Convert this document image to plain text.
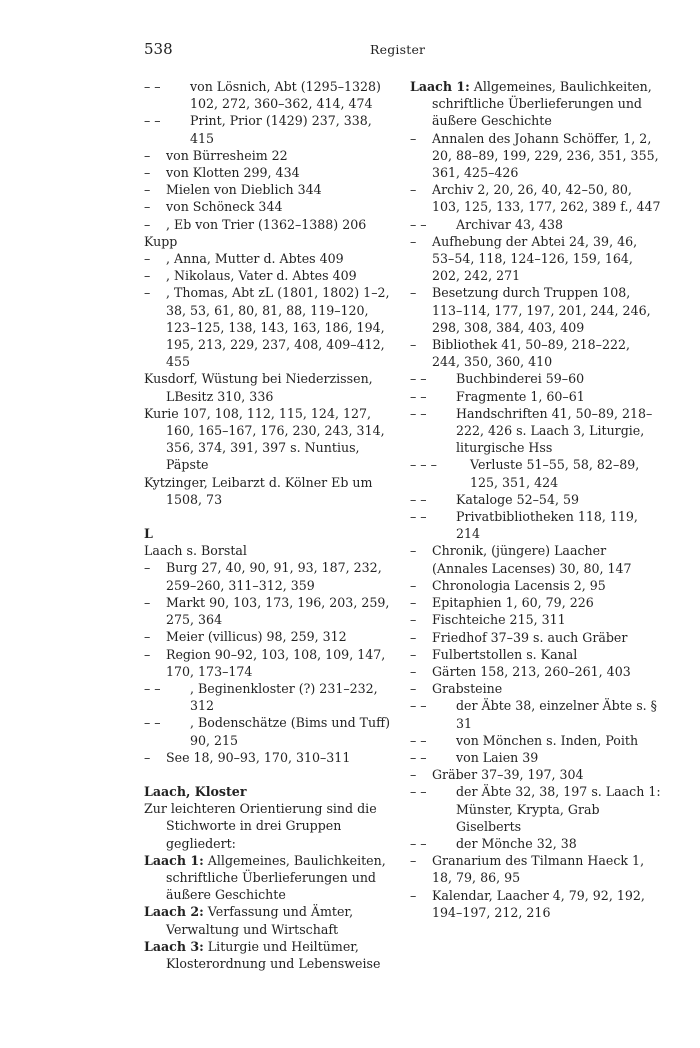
538	Register

– – von Lösnich, Abt (1295–1328) 102, 272, 360–362, 414, 474

– – Print, Prior (1429) 237, 338, 415

– von Bürresheim 22

– von Klotten 299, 434

– Mielen von Dieblich 344

– von Schöneck 344

– , Eb von Trier (1362–1388) 206

Kupp

– , Anna, Mutter d. Abtes 409

– , Nikolaus, Vater d. Abtes 409

– , Thomas, Abt zL (1801, 1802) 1–2, 38, 53, 61, 80, 81, 88, 119–120, 123–125, 138, 143, 163, 186, 194, 195, 213, 229, 237, 408, 409–412, 455

Kusdorf, Wüstung bei Niederzissen, LBesitz 310, 336

Kurie 107, 108, 112, 115, 124, 127, 160, 165–167, 176, 230, 243, 314, 356, 374, 391, 397 s. Nuntius, Päpste

Kytzinger, Leibarzt d. Kölner Eb um 1508, 73

L

Laach s. Borstal

– Burg 27, 40, 90, 91, 93, 187, 232, 259–260, 311–312, 359

– Markt 90, 103, 173, 196, 203, 259, 275, 364

– Meier (villicus) 98, 259, 312

– Region 90–92, 103, 108, 109, 147, 170, 173–174

– – , Beginenkloster (?) 231–232, 312

– – , Bodenschätze (Bims und Tuff) 90, 215

– See 18, 90–93, 170, 310–311

Laach, Kloster

Zur leichteren Orientierung sind die Stichworte in drei Gruppen gegliedert:

Laach 1: Allgemeines, Baulichkeiten, schriftliche Überlieferungen und äußere Geschichte

Laach 2: Verfassung und Ämter, Verwaltung und Wirtschaft

Laach 3: Liturgie und Heiltümer, Klosterordnung und Lebensweise

Laach 1: Allgemeines, Baulichkeiten, schriftliche Überlieferungen und äußere Geschichte

– Annalen des Johann Schöffer, 1, 2, 20, 88–89, 199, 229, 236, 351, 355, 361, 425–426

– Archiv 2, 20, 26, 40, 42–50, 80, 103, 125, 133, 177, 262, 389 f., 447

– – Archivar 43, 438

– Aufhebung der Abtei 24, 39, 46, 53–54, 118, 124–126, 159, 164, 202, 242, 271

– Besetzung durch Truppen 108, 113–114, 177, 197, 201, 244, 246, 298, 308, 384, 403, 409

– Bibliothek 41, 50–89, 218–222, 244, 350, 360, 410

– – Buchbinderei 59–60

– – Fragmente 1, 60–61

– – Handschriften 41, 50–89, 218–222, 426 s. Laach 3, Liturgie, liturgische Hss

– – –	Verluste 51–55, 58, 82–89, 125, 351, 424

– – Kataloge 52–54, 59

– – Privatbibliotheken 118, 119, 214

– Chronik, (jüngere) Laacher (Annales Lacenses) 30, 80, 147

– Chronologia Lacensis 2, 95

– Epitaphien 1, 60, 79, 226

– Fischteiche 215, 311

– Friedhof 37–39 s. auch Gräber

– Fulbertstollen s. Kanal

– Gärten 158, 213, 260–261, 403

– Grabsteine

– – der Äbte 38, einzelner Äbte s. § 31

– – von Mönchen s. Inden, Poith

– – von Laien 39

– Gräber 37–39, 197, 304

– – der Äbte 32, 38, 197 s. Laach 1: Münster, Krypta, Grab Giselberts

– – der Mönche 32, 38

– Granarium des Tilmann Haeck 1, 18, 79, 86, 95

– Kalendar, Laacher 4, 79, 92, 192, 194–197, 212, 216
